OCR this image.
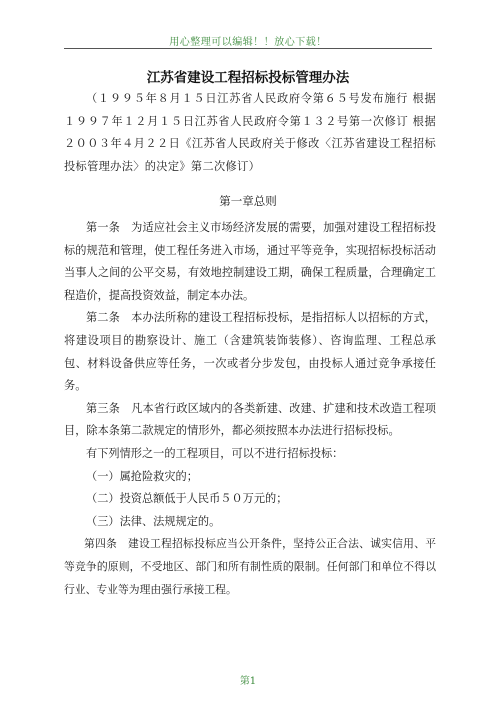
用心整理可以编辑！！放心下载！
江苏省建设工程招标投标管理办法
（１９９５年８月１５日江苏省人民政府令第６５号发布施行 根据１９９７年１２月１５日江苏省人民政府令第１３２号第一次修订 根据２００３年４月２２日《江苏省人民政府关于修改〈江苏省建设工程招标投标管理办法〉的决定》第二次修订）
第一章总则

第一条　为适应社会主义市场经济发展的需要，加强对建设工程招标投标的规范和管理，使工程任务进入市场，通过平等竞争，实现招标投标活动当事人之间的公平交易，有效地控制建设工期，确保工程质量，合理确定工程造价，提高投资效益，制定本办法。

第二条　本办法所称的建设工程招标投标，是指招标人以招标的方式，将建设项目的勘察设计、施工（含建筑装饰装修）、咨询监理、工程总承包、材料设备供应等任务，一次或者分步发包，由投标人通过竞争承接任务。

第三条　凡本省行政区域内的各类新建、改建、扩建和技术改造工程项目，除本条第二款规定的情形外，都必须按照本办法进行招标投标。

有下列情形之一的工程项目，可以不进行招标投标：

（一）属抢险救灾的；

（二）投资总额低于人民币５０万元的；

（三）法律、法规规定的。

第四条　建设工程招标投标应当公开条件，坚持公正合法、诚实信用、平等竞争的原则，不受地区、部门和所有制性质的限制。任何部门和单位不得以行业、专业等为理由强行承接工程。

第1
